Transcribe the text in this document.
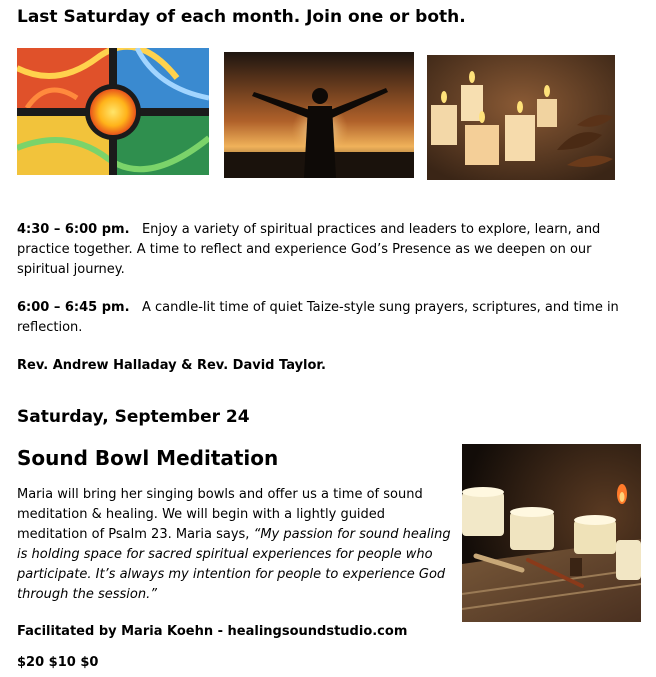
Last Saturday of each month. Join one or both.
4:30 – 6:00 pm. Enjoy a variety of spiritual practices and leaders to explore, learn, and practice together. A time to reflect and experience God’s Presence as we deepen on our spiritual journey.
6:00 – 6:45 pm. A candle-lit time of quiet Taize-style sung prayers, scriptures, and time in reflection.
Rev. Andrew Halladay & Rev. David Taylor.
Saturday, September 24
Sound Bowl Meditation
Maria will bring her singing bowls and offer us a time of sound meditation & healing. We will begin with a lightly guided meditation of Psalm 23. Maria says, “My passion for sound healing is holding space for sacred spiritual experiences for people who participate. It’s always my intention for people to experience God through the session.”
Facilitated by Maria Koehn - healingsoundstudio.com
$20 $10 $0
